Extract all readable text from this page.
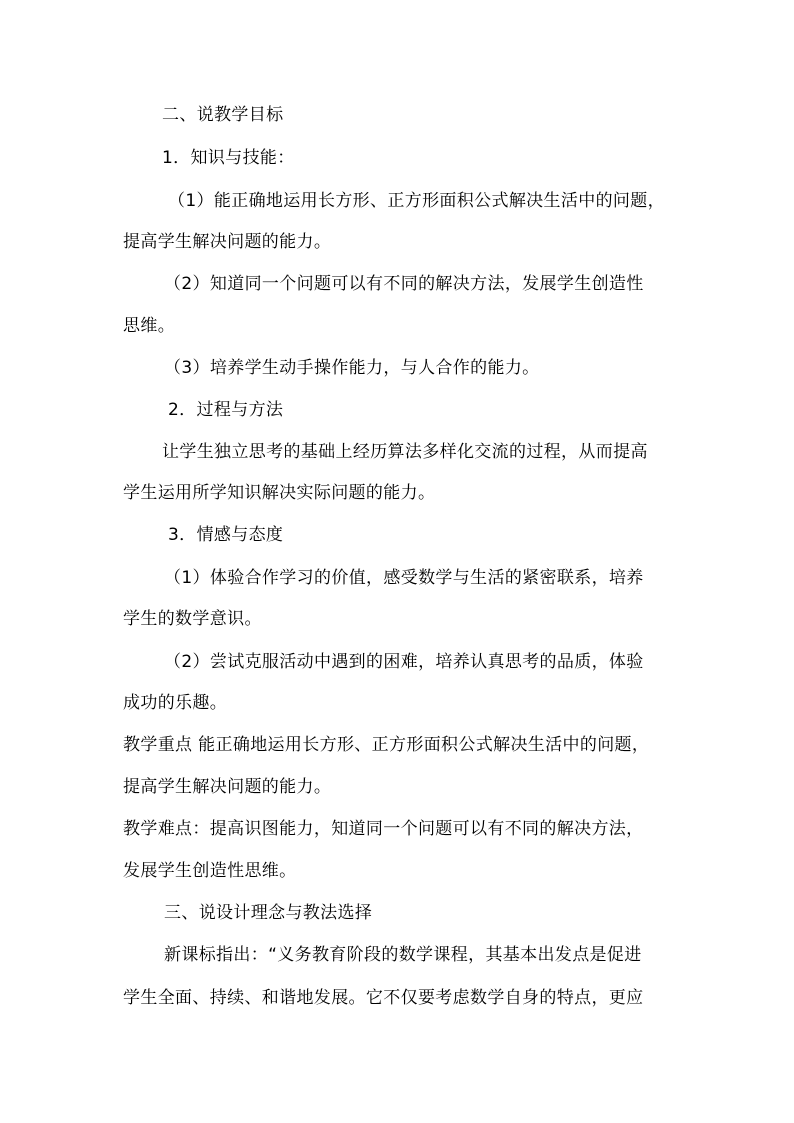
二、说教学目标
1．知识与技能：
（1）能正确地运用长方形、正方形面积公式解决生活中的问题，
提高学生解决问题的能力。
（2）知道同一个问题可以有不同的解决方法，发展学生创造性
思维。
（3）培养学生动手操作能力，与人合作的能力。
2．过程与方法
让学生独立思考的基础上经历算法多样化交流的过程，从而提高
学生运用所学知识解决实际问题的能力。
3．情感与态度
（1）体验合作学习的价值，感受数学与生活的紧密联系，培养
学生的数学意识。
（2）尝试克服活动中遇到的困难，培养认真思考的品质，体验
成功的乐趣。
教学重点 能正确地运用长方形、正方形面积公式解决生活中的问题，
提高学生解决问题的能力。
教学难点：提高识图能力，知道同一个问题可以有不同的解决方法，
发展学生创造性思维。
三、说设计理念与教法选择
新课标指出：“义务教育阶段的数学课程，其基本出发点是促进
学生全面、持续、和谐地发展。它不仅要考虑数学自身的特点，更应
